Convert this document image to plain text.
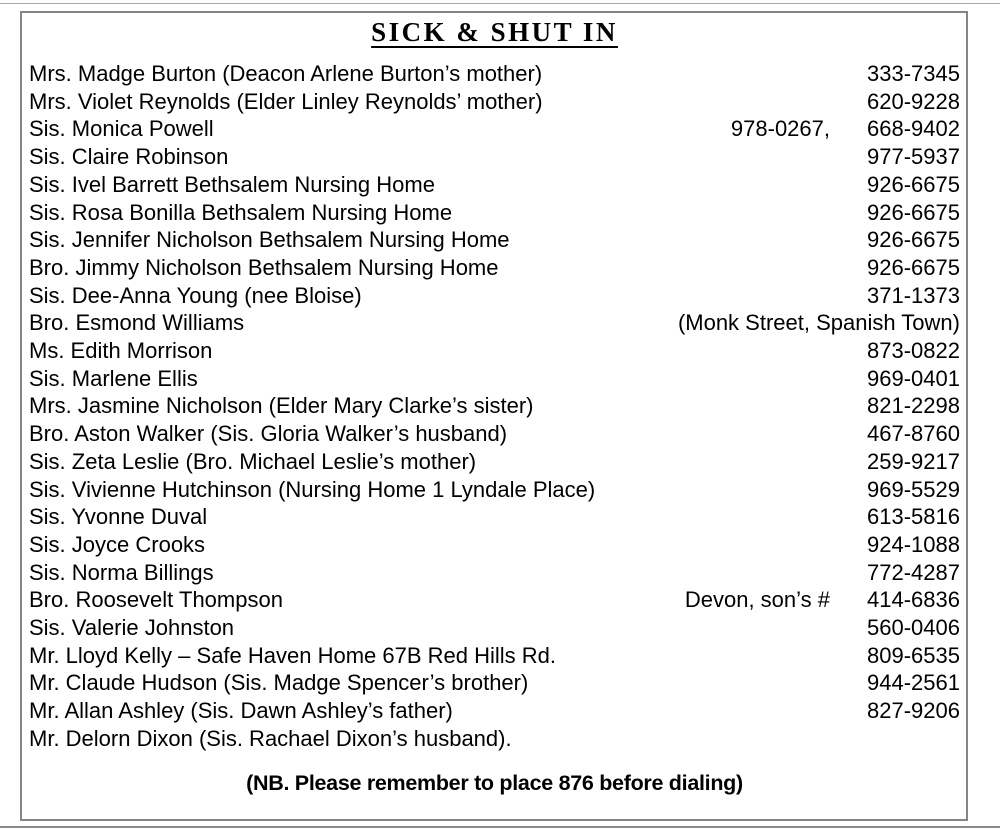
SICK & SHUT IN
Mrs. Madge Burton (Deacon Arlene Burton’s mother)	333-7345
Mrs. Violet Reynolds (Elder Linley Reynolds’ mother)	620-9228
Sis. Monica Powell	978-0267,	668-9402
Sis. Claire Robinson	977-5937
Sis. Ivel Barrett Bethsalem Nursing Home	926-6675
Sis. Rosa Bonilla Bethsalem Nursing Home	926-6675
Sis. Jennifer Nicholson Bethsalem Nursing Home	926-6675
Bro. Jimmy Nicholson Bethsalem Nursing Home	926-6675
Sis. Dee-Anna Young (nee Bloise)	371-1373
Bro. Esmond Williams	(Monk Street, Spanish Town)
Ms. Edith Morrison	873-0822
Sis. Marlene Ellis	969-0401
Mrs. Jasmine Nicholson (Elder Mary Clarke’s sister)	821-2298
Bro. Aston Walker (Sis. Gloria Walker’s husband)	467-8760
Sis. Zeta Leslie (Bro. Michael Leslie’s mother)	259-9217
Sis. Vivienne Hutchinson (Nursing Home 1 Lyndale Place)	969-5529
Sis. Yvonne Duval	613-5816
Sis. Joyce Crooks	924-1088
Sis. Norma Billings	772-4287
Bro. Roosevelt Thompson	Devon, son’s #	414-6836
Sis. Valerie Johnston	560-0406
Mr. Lloyd Kelly – Safe Haven Home 67B Red Hills Rd.	809-6535
Mr. Claude Hudson (Sis. Madge Spencer’s brother)	944-2561
Mr. Allan Ashley (Sis. Dawn Ashley’s father)	827-9206
Mr. Delorn Dixon (Sis. Rachael Dixon’s husband).
(NB. Please remember to place 876 before dialing)
